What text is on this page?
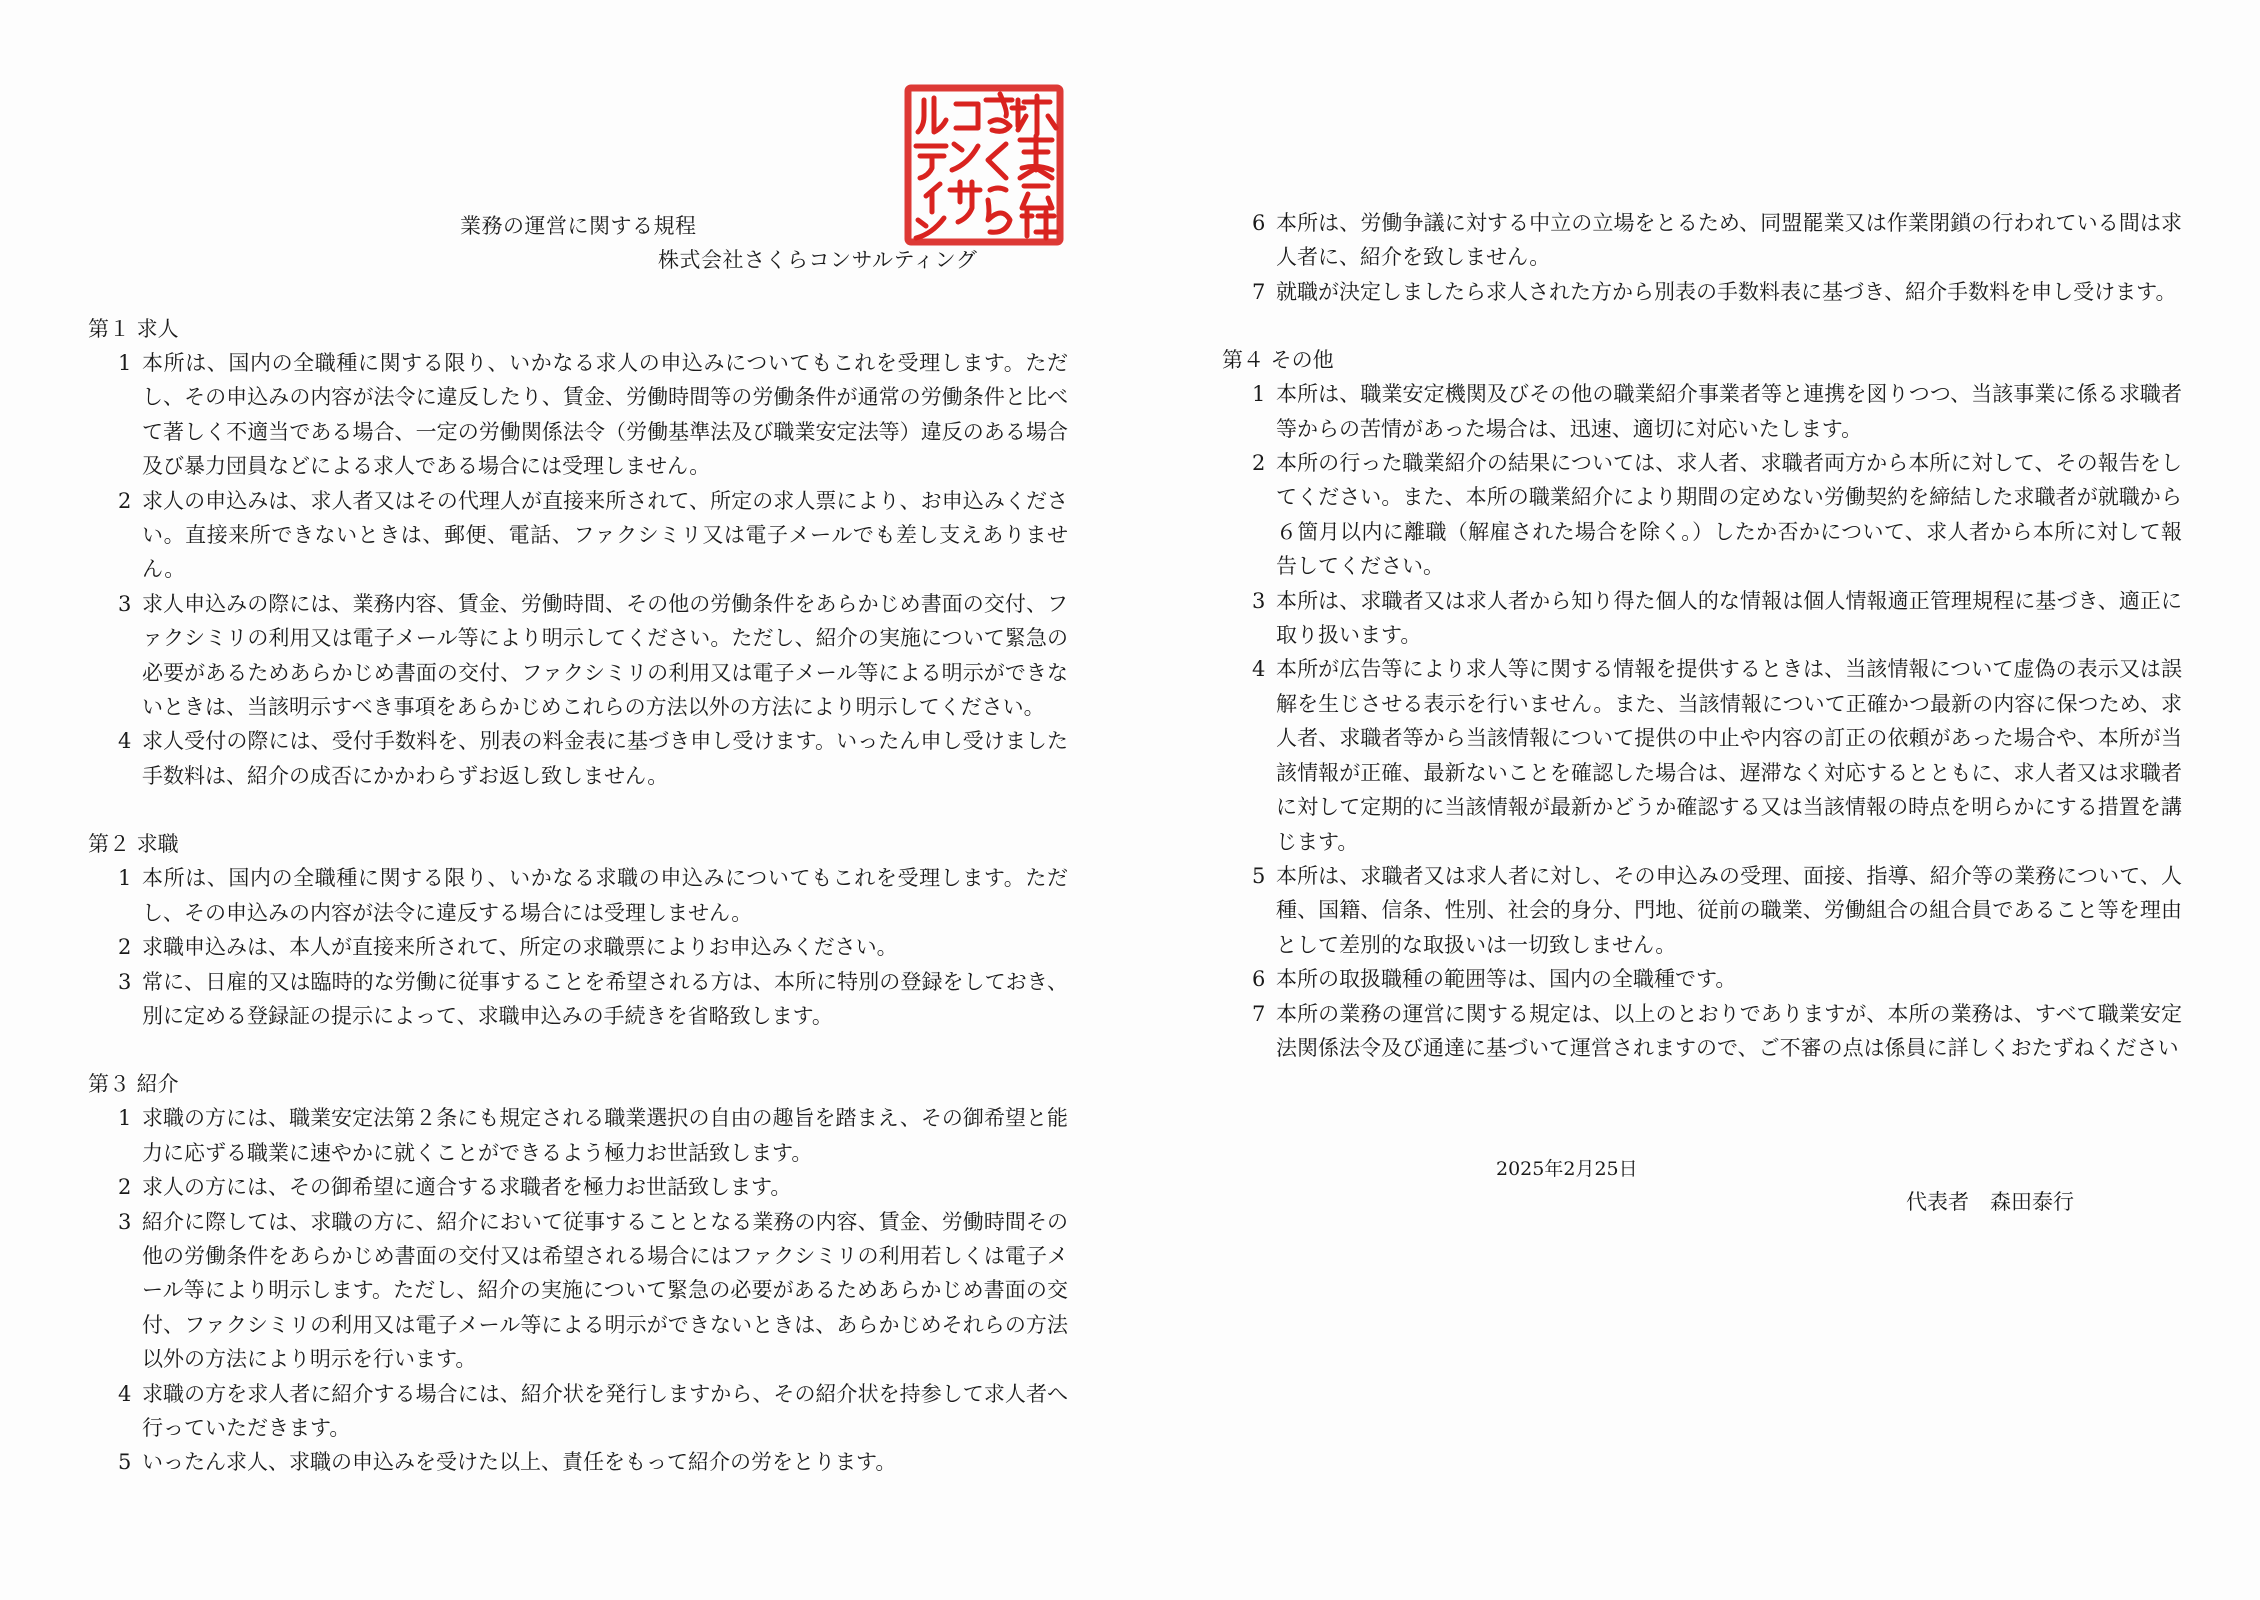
業務の運営に関する規程
株式会社さくらコンサルティング
第１ 求人
1 本所は、国内の全職種に関する限り、いかなる求人の申込みについてもこれを受理します。ただし、その申込みの内容が法令に違反したり、賃金、労働時間等の労働条件が通常の労働条件と比べて著しく不適当である場合、一定の労働関係法令（労働基準法及び職業安定法等）違反のある場合及び暴力団員などによる求人である場合には受理しません。
2 求人の申込みは、求人者又はその代理人が直接来所されて、所定の求人票により、お申込みください。直接来所できないときは、郵便、電話、ファクシミリ又は電子メールでも差し支えありません。
3 求人申込みの際には、業務内容、賃金、労働時間、その他の労働条件をあらかじめ書面の交付、ファクシミリの利用又は電子メール等により明示してください。ただし、紹介の実施について緊急の必要があるためあらかじめ書面の交付、ファクシミリの利用又は電子メール等による明示ができないときは、当該明示すべき事項をあらかじめこれらの方法以外の方法により明示してください。
4 求人受付の際には、受付手数料を、別表の料金表に基づき申し受けます。いったん申し受けました手数料は、紹介の成否にかかわらずお返し致しません。
第２ 求職
1 本所は、国内の全職種に関する限り、いかなる求職の申込みについてもこれを受理します。ただし、その申込みの内容が法令に違反する場合には受理しません。
2 求職申込みは、本人が直接来所されて、所定の求職票によりお申込みください。
3 常に、日雇的又は臨時的な労働に従事することを希望される方は、本所に特別の登録をしておき、別に定める登録証の提示によって、求職申込みの手続きを省略致します。
第３ 紹介
1 求職の方には、職業安定法第２条にも規定される職業選択の自由の趣旨を踏まえ、その御希望と能力に応ずる職業に速やかに就くことができるよう極力お世話致します。
2 求人の方には、その御希望に適合する求職者を極力お世話致します。
3 紹介に際しては、求職の方に、紹介において従事することとなる業務の内容、賃金、労働時間その他の労働条件をあらかじめ書面の交付又は希望される場合にはファクシミリの利用若しくは電子メール等により明示します。ただし、紹介の実施について緊急の必要があるためあらかじめ書面の交付、ファクシミリの利用又は電子メール等による明示ができないときは、あらかじめそれらの方法以外の方法により明示を行います。
4 求職の方を求人者に紹介する場合には、紹介状を発行しますから、その紹介状を持参して求人者へ行っていただきます。
5 いったん求人、求職の申込みを受けた以上、責任をもって紹介の労をとります。
6 本所は、労働争議に対する中立の立場をとるため、同盟罷業又は作業閉鎖の行われている間は求人者に、紹介を致しません。
7 就職が決定しましたら求人された方から別表の手数料表に基づき、紹介手数料を申し受けます。
第４ その他
1 本所は、職業安定機関及びその他の職業紹介事業者等と連携を図りつつ、当該事業に係る求職者等からの苦情があった場合は、迅速、適切に対応いたします。
2 本所の行った職業紹介の結果については、求人者、求職者両方から本所に対して、その報告をしてください。また、本所の職業紹介により期間の定めない労働契約を締結した求職者が就職から６箇月以内に離職（解雇された場合を除く。）したか否かについて、求人者から本所に対して報告してください。
3 本所は、求職者又は求人者から知り得た個人的な情報は個人情報適正管理規程に基づき、適正に取り扱います。
4 本所が広告等により求人等に関する情報を提供するときは、当該情報について虚偽の表示又は誤解を生じさせる表示を行いません。また、当該情報について正確かつ最新の内容に保つため、求人者、求職者等から当該情報について提供の中止や内容の訂正の依頼があった場合や、本所が当該情報が正確、最新ないことを確認した場合は、遅滞なく対応するとともに、求人者又は求職者に対して定期的に当該情報が最新かどうか確認する又は当該情報の時点を明らかにする措置を講じます。
5 本所は、求職者又は求人者に対し、その申込みの受理、面接、指導、紹介等の業務について、人種、国籍、信条、性別、社会的身分、門地、従前の職業、労働組合の組合員であること等を理由として差別的な取扱いは一切致しません。
6 本所の取扱職種の範囲等は、国内の全職種です。
7 本所の業務の運営に関する規定は、以上のとおりでありますが、本所の業務は、すべて職業安定法関係法令及び通達に基づいて運営されますので、ご不審の点は係員に詳しくおたずねください
2025年2月25日
代表者　森田泰行
